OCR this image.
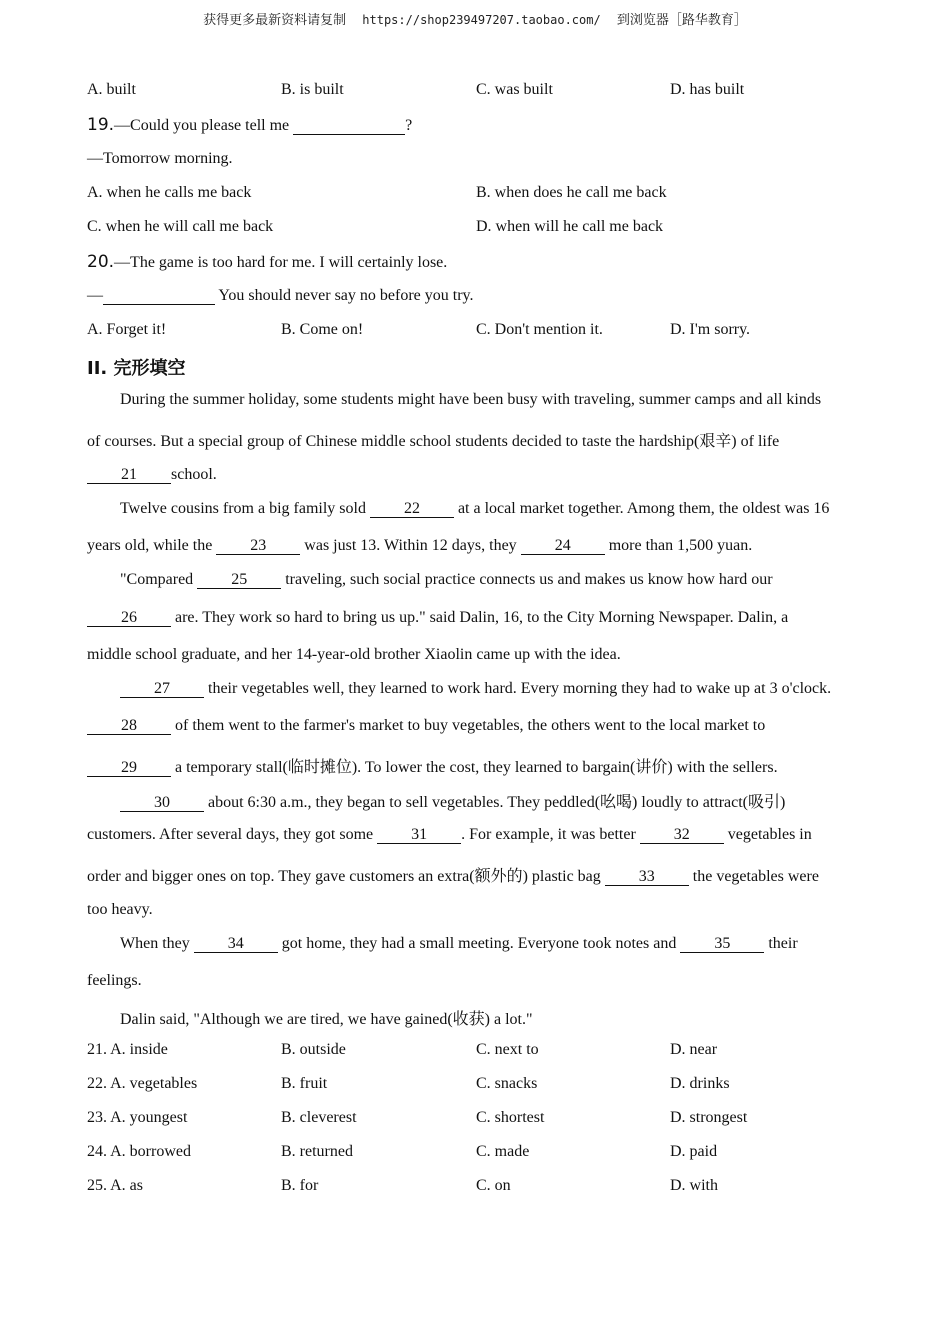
获得更多最新资料请复制 https://shop239497207.taobao.com/ 到浏览器［路华教育］
A. built	B. is built	C. was built	D. has built
19.—Could you please tell me	?
—Tomorrow morning.
A. when he calls me back	B. when does he call me back
C. when he will call me back	D. when will he call me back
20.—The game is too hard for me. I will certainly lose.
—	You should never say no before you try.
A. Forget it!	B. Come on!	C. Don't mention it.	D. I'm sorry.
II. 完形填空
During the summer holiday, some students might have been busy with traveling, summer camps and all kinds
of courses. But a special group of Chinese middle school students decided to taste the hardship(艰辛) of life
21 school.
Twelve cousins from a big family sold 22 at a local market together. Among them, the oldest was 16
years old, while the 23 was just 13. Within 12 days, they 24 more than 1,500 yuan.
"Compared 25 traveling, such social practice connects us and makes us know how hard our
26 are. They work so hard to bring us up." said Dalin, 16, to the City Morning Newspaper. Dalin, a
middle school graduate, and her 14-year-old brother Xiaolin came up with the idea.
27 their vegetables well, they learned to work hard. Every morning they had to wake up at 3 o'clock.
28 of them went to the farmer's market to buy vegetables, the others went to the local market to
29 a temporary stall(临时摊位). To lower the cost, they learned to bargain(讲价) with the sellers.
30 about 6:30 a.m., they began to sell vegetables. They peddled(吆喝) loudly to attract(吸引)
customers. After several days, they got some 31 . For example, it was better 32 vegetables in
order and bigger ones on top. They gave customers an extra(额外的) plastic bag 33 the vegetables were
too heavy.
When they 34 got home, they had a small meeting. Everyone took notes and 35 their
feelings.
Dalin said, "Although we are tired, we have gained(收获) a lot."
21. A. inside	B. outside	C. next to	D. near
22. A. vegetables	B. fruit	C. snacks	D. drinks
23. A. youngest	B. cleverest	C. shortest	D. strongest
24. A. borrowed	B. returned	C. made	D. paid
25. A. as	B. for	C. on	D. with
